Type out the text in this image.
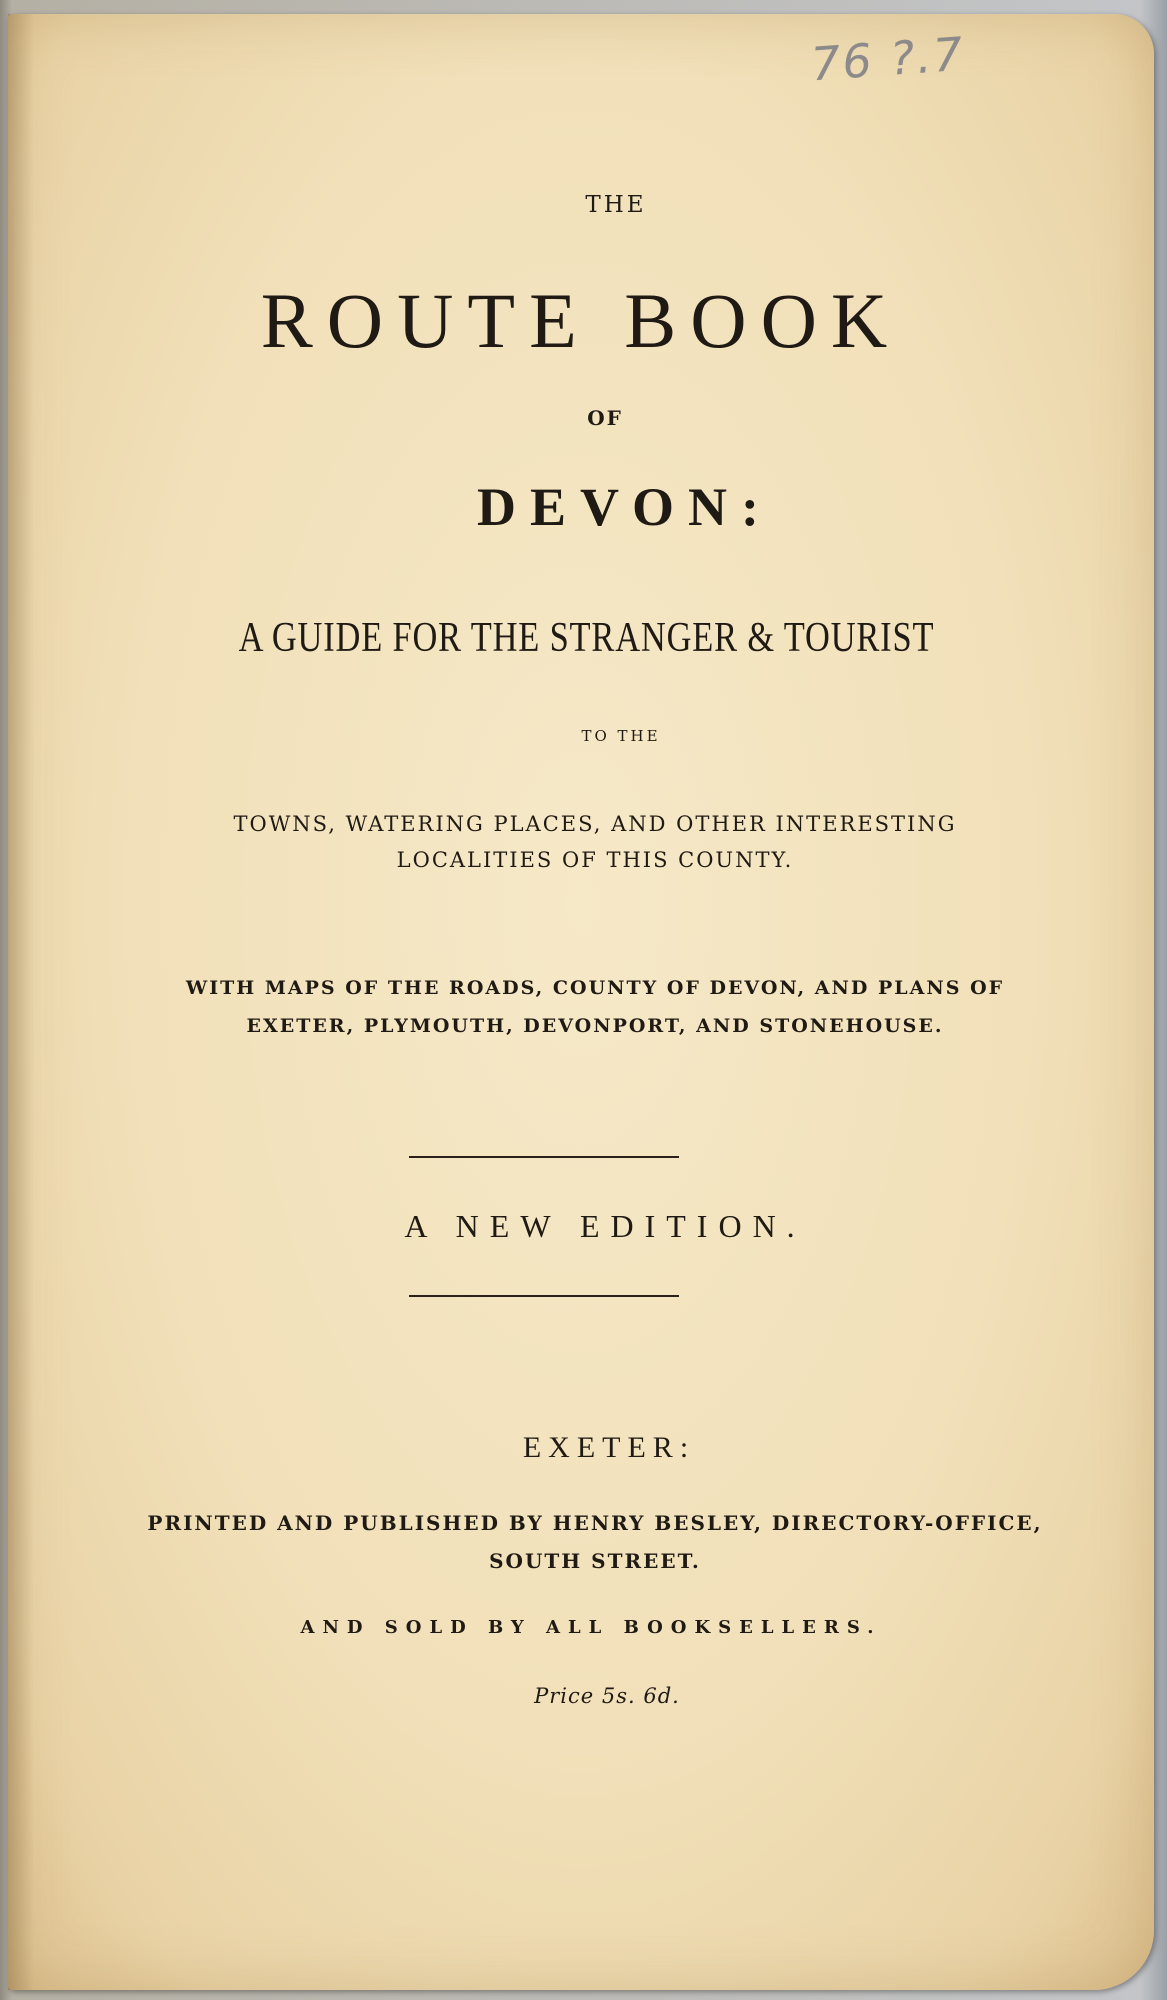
76 ?.7

THE

ROUTE BOOK

OF

DEVON:

A GUIDE FOR THE STRANGER & TOURIST

TO THE

TOWNS, WATERING PLACES, AND OTHER INTERESTING
LOCALITIES OF THIS COUNTY.
WITH MAPS OF THE ROADS, COUNTY OF DEVON, AND PLANS OF
EXETER, PLYMOUTH, DEVONPORT, AND STONEHOUSE.

A NEW EDITION.

EXETER:

PRINTED AND PUBLISHED BY HENRY BESLEY, DIRECTORY-OFFICE,
SOUTH STREET.

AND SOLD BY ALL BOOKSELLERS.

Price 5s. 6d.
